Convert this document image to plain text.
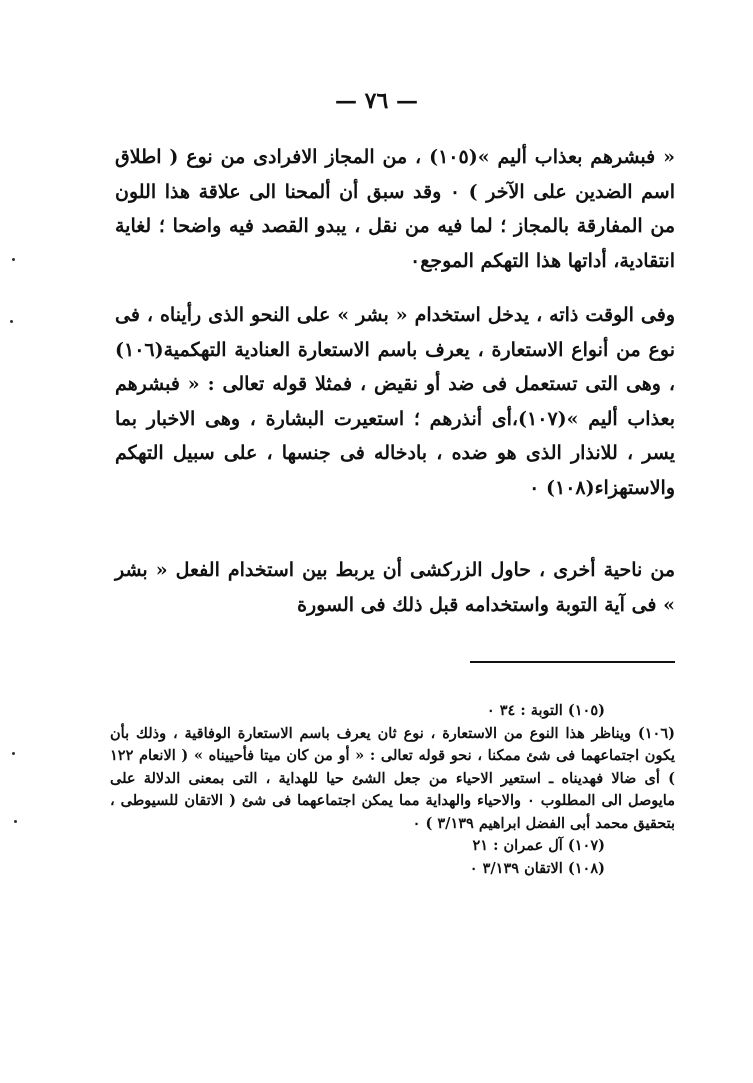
— ٧٦ —

« فبشرهم بعذاب أليم »(١٠٥) ، من المجاز الافرادى من نوع ( اطلاق اسم الضدين على الآخر ) ٠ وقد سبق أن ألمحنا الى علاقة هذا اللون من المفارقة بالمجاز ؛ لما فيه من نقل ، يبدو القصد فيه واضحا ؛ لغاية انتقادية، أداتها هذا التهكم الموجع٠

وفى الوقت ذاته ، يدخل استخدام « بشر » على النحو الذى رأيناه ، فى نوع من أنواع الاستعارة ، يعرف باسم الاستعارة العنادية التهكمية(١٠٦) ، وهى التى تستعمل فى ضد أو نقيض ، فمثلا قوله تعالى : « فبشرهم بعذاب أليم »(١٠٧)،أى أنذرهم ؛ استعيرت البشارة ، وهى الاخبار بما يسر ، للانذار الذى هو ضده ، بادخاله فى جنسها ، على سبيل التهكم والاستهزاء(١٠٨) ٠

من ناحية أخرى ، حاول الزركشى أن يربط بين استخدام الفعل « بشر » فى آية التوبة واستخدامه قبل ذلك فى السورة

(١٠٥) التوبة : ٣٤ ٠

(١٠٦) ويناظر هذا النوع من الاستعارة ، نوع ثان يعرف باسم الاستعارة الوفاقية ، وذلك بأن يكون اجتماعهما فى شئ ممكنا ، نحو قوله تعالى : « أو من كان ميتا فأحييناه » ( الانعام ١٢٢ ) أى ضالا فهديناه ـ استعير الاحياء من جعل الشئ حيا للهداية ، التى بمعنى الدلالة على مايوصل الى المطلوب ٠ والاحياء والهداية مما يمكن اجتماعهما فى شئ ( الاتقان للسيوطى ، بتحقيق محمد أبى الفضل ابراهيم ٣/١٣٩ ) ٠

(١٠٧) آل عمران : ٢١

(١٠٨) الاتقان ٣/١٣٩ ٠
